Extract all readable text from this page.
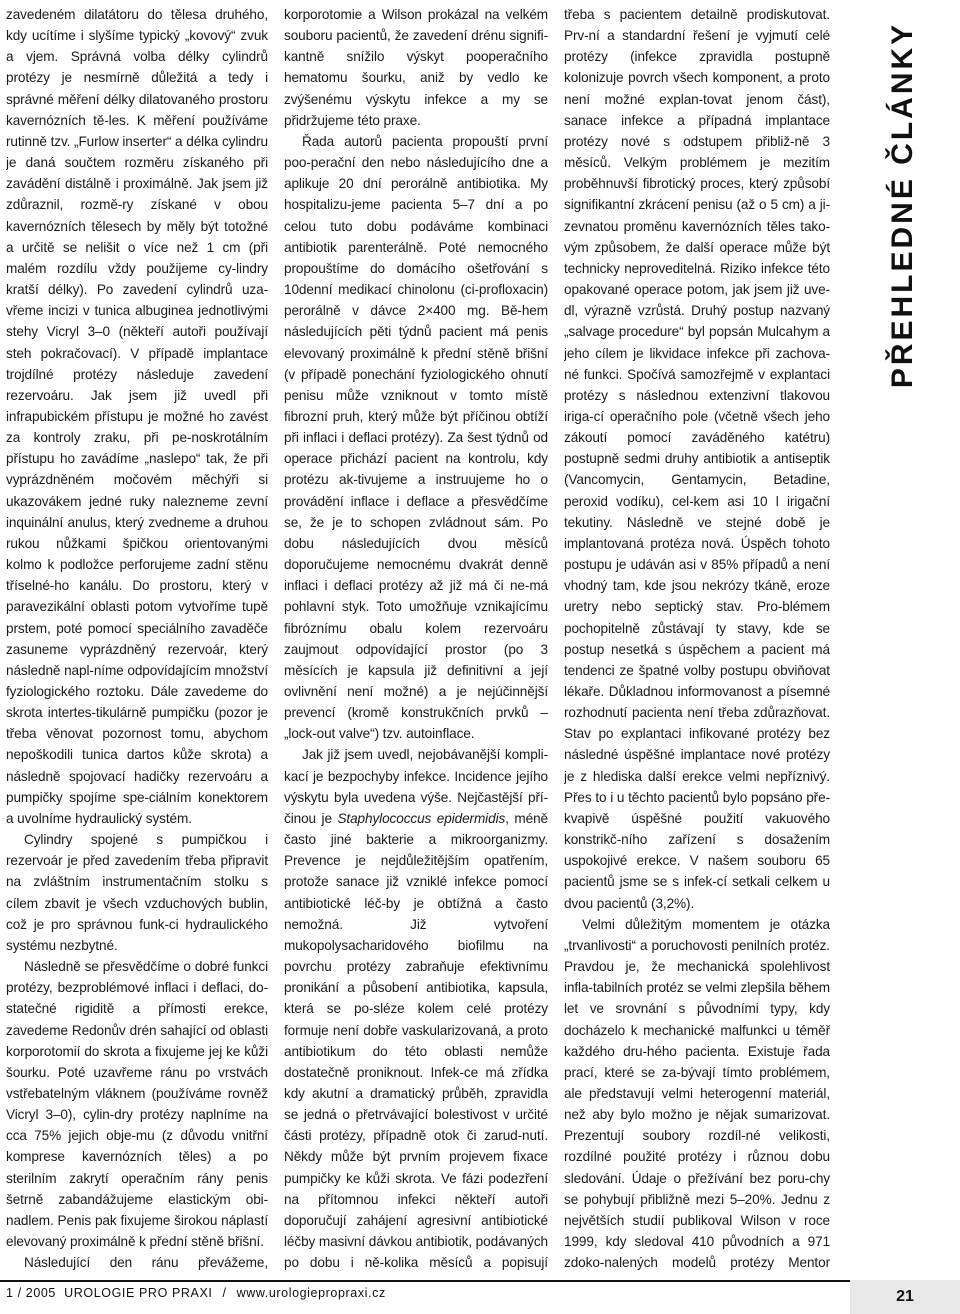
zavedeném dilatátoru do tělesa druhého, kdy ucítíme i slyšíme typický „kovový“ zvuk a vjem. Správná volba délky cylindrů protézy je nesmírně důležitá a tedy i správné měření délky dilatovaného prostoru kavernózních tě-les. K měření používáme rutinně tzv. „Furlow inserter“ a délka cylindru je daná součtem rozměru získaného při zavádění distálně i proximálně. Jak jsem již zdůraznil, rozmě-ry získané v obou kavernózních tělesech by měly být totožné a určitě se nelišit o více než 1 cm (při malém rozdílu vždy použijeme cy-lindry kratší délky). Po zavedení cylindrů uza-vřeme incizi v tunica albuginea jednotlivými stehy Vicryl 3–0 (někteří autoři používají steh pokračovací). V případě implantace trojdílné protézy následuje zavedení rezervoáru. Jak jsem již uvedl při infrapubickém přístupu je možné ho zavést za kontroly zraku, při pe-noskrotálním přístupu ho zavádíme „naslepo“ tak, že při vyprázdněném močovém měchýři si ukazovákem jedné ruky nalezneme zevní inquinální anulus, který zvedneme a druhou rukou nůžkami špičkou orientovanými kolmo k podložce perforujeme zadní stěnu tříselné-ho kanálu. Do prostoru, který v paravezikální oblasti potom vytvoříme tupě prstem, poté pomocí speciálního zavaděče zasuneme vyprázdněný rezervoár, který následně napl-níme odpovídajícím množství fyziologického roztoku. Dále zavedeme do skrota intertes-tikulárně pumpičku (pozor je třeba věnovat pozornost tomu, abychom nepoškodili tunica dartos kůže skrota) a následně spojovací hadičky rezervoáru a pumpičky spojíme spe-ciálním konektorem a uvolníme hydraulický systém.

Cylindry spojené s pumpičkou i rezervoár je před zavedením třeba připravit na zvláštním instrumentačním stolku s cílem zbavit je všech vzduchových bublin, což je pro správnou funk-ci hydraulického systému nezbytné.

Následně se přesvědčíme o dobré funkci protézy, bezproblémové inflaci i deflaci, do-statečné rigiditě a přímosti erekce, zavedeme Redonův drén sahající od oblasti korporotomií do skrota a fixujeme jej ke kůži šourku. Poté uzavřeme ránu po vrstvách vstřebatelným vláknem (používáme rovněž Vicryl 3–0), cylin-dry protézy naplníme na cca 75% jejich obje-mu (z důvodu vnitřní komprese kavernózních těles) a po sterilním zakrytí operačním rány penis šetrně zabandážujeme elastickým obi-nadlem. Penis pak fixujeme širokou náplastí elevovaný proximálně k přední stěně břišní.

Následující den ránu převážeme,

korporotomie a Wilson prokázal na velkém souboru pacientů, že zavedení drénu signifi-kantně snížilo výskyt pooperačního hematomu šourku, aniž by vedlo ke zvýšenému výskytu infekce a my se přidržujeme této praxe.

Řada autorů pacienta propouští první poo-perační den nebo následujícího dne a aplikuje 20 dní perorálně antibiotika. My hospitalizu-jeme pacienta 5–7 dní a po celou tuto dobu podáváme kombinaci antibiotik parenterálně. Poté nemocného propouštíme do domácího ošetřování s 10denní medikací chinolonu (ci-profloxacin) perorálně v dávce 2×400 mg. Bě-hem následujících pěti týdnů pacient má penis elevovaný proximálně k přední stěně břišní (v případě ponechání fyziologického ohnutí penisu může vzniknout v tomto místě fibrozní pruh, který může být příčinou obtíží při inflaci i deflaci protézy). Za šest týdnů od operace přichází pacient na kontrolu, kdy protézu ak-tivujeme a instruujeme ho o provádění inflace i deflace a přesvědčíme se, že je to schopen zvládnout sám. Po dobu následujících dvou měsíců doporučujeme nemocnému dvakrát denně inflaci i deflaci protézy až již má či ne-má pohlavní styk. Toto umožňuje vznikajícímu fibróznímu obalu kolem rezervoáru zaujmout odpovídající prostor (po 3 měsících je kapsula již definitivní a její ovlivnění není možné) a je nejúčinnější prevencí (kromě konstrukčních prvků – „lock-out valve“) tzv. autoinflace.

Jak již jsem uvedl, nejobávanější kompli-kací je bezpochyby infekce. Incidence jejího výskytu byla uvedena výše. Nejčastější pří-činou je Staphylococcus epidermidis, méně často jiné bakterie a mikroorganizmy. Prevence je nejdůležitějším opatřením, protože sanace již vzniklé infekce pomocí antibiotické léč-by je obtížná a často nemožná. Již vytvoření mukopolysacharidového biofilmu na povrchu protézy zabraňuje efektivnímu pronikání a působení antibiotika, kapsula, která se po-sléze kolem celé protézy formuje není dobře vaskularizovaná, a proto antibiotikum do této oblasti nemůže dostatečně proniknout. Infek-ce má zřídka kdy akutní a dramatický průběh, zpravidla se jedná o přetrvávající bolestivost v určité části protézy, případně otok či zarud-nutí. Někdy může být prvním projevem fixace pumpičky ke kůži skrota. Ve fázi podezření na přítomnou infekci někteří autoři doporučují zahájení agresivní antibiotické léčby masivní dávkou antibiotik, podávaných po dobu i ně-kolika měsíců a popisují

třeba s pacientem detailně prodiskutovat. Prv-ní a standardní řešení je vyjmutí celé protézy (infekce zpravidla postupně kolonizuje povrch všech komponent, a proto není možné explan-tovat jenom část), sanace infekce a případná implantace protézy nové s odstupem přibliž-ně 3 měsíců. Velkým problémem je mezitím proběhnuvší fibrotický proces, který způsobí signifikantní zkrácení penisu (až o 5 cm) a ji-zevnatou proměnu kavernózních těles tako-vým způsobem, že další operace může být technicky neproveditelná. Riziko infekce této opakované operace potom, jak jsem již uve-dl, výrazně vzrůstá. Druhý postup nazvaný „salvage procedure“ byl popsán Mulcahym a jeho cílem je likvidace infekce při zachova-né funkci. Spočívá samozřejmě v explantaci protézy s následnou extenzivní tlakovou iriga-cí operačního pole (včetně všech jeho zákoutí pomocí zaváděného katétru) postupně sedmi druhy antibiotik a antiseptik (Vancomycin, Gentamycin, Betadine, peroxid vodíku), cel-kem asi 10 l irigační tekutiny. Následně ve stejné době je implantovaná protéza nová. Úspěch tohoto postupu je udáván asi v 85% případů a není vhodný tam, kde jsou nekrózy tkáně, eroze uretry nebo septický stav. Pro-blémem pochopitelně zůstávají ty stavy, kde se postup nesetká s úspěchem a pacient má tendenci ze špatné volby postupu obviňovat lékaře. Důkladnou informovanost a písemné rozhodnutí pacienta není třeba zdůrazňovat. Stav po explantaci infikované protézy bez následné úspěšné implantace nové protézy je z hlediska další erekce velmi nepříznivý. Přes to i u těchto pacientů bylo popsáno pře-kvapivě úspěšné použití vakuového konstrikč-ního zařízení s dosažením uspokojivé erekce. V našem souboru 65 pacientů jsme se s infek-cí setkali celkem u dvou pacientů (3,2%).

Velmi důležitým momentem je otázka „trvanlivosti“ a poruchovosti penilních protéz. Pravdou je, že mechanická spolehlivost infla-tabilních protéz se velmi zlepšila během let ve srovnání s původními typy, kdy docházelo k mechanické malfunkci u téměř každého dru-hého pacienta. Existuje řada prací, které se za-bývají tímto problémem, ale představují velmi heterogenní materiál, než aby bylo možno je nějak sumarizovat. Prezentují soubory rozdíl-né velikosti, rozdílné použité protézy i různou dobu sledování. Údaje o přežívání bez poru-chy se pohybují přibližně mezi 5–20%. Jednu z největších studií publikoval Wilson v roce 1999, kdy sledoval 410 původních a 971 zdoko-nalených modelů protézy Mentor

PŘEHLEDNÉ ČLÁNKY
1 / 2005 UROLOGIE PRO PRAXI / www.urologiepropraxi.cz	21
